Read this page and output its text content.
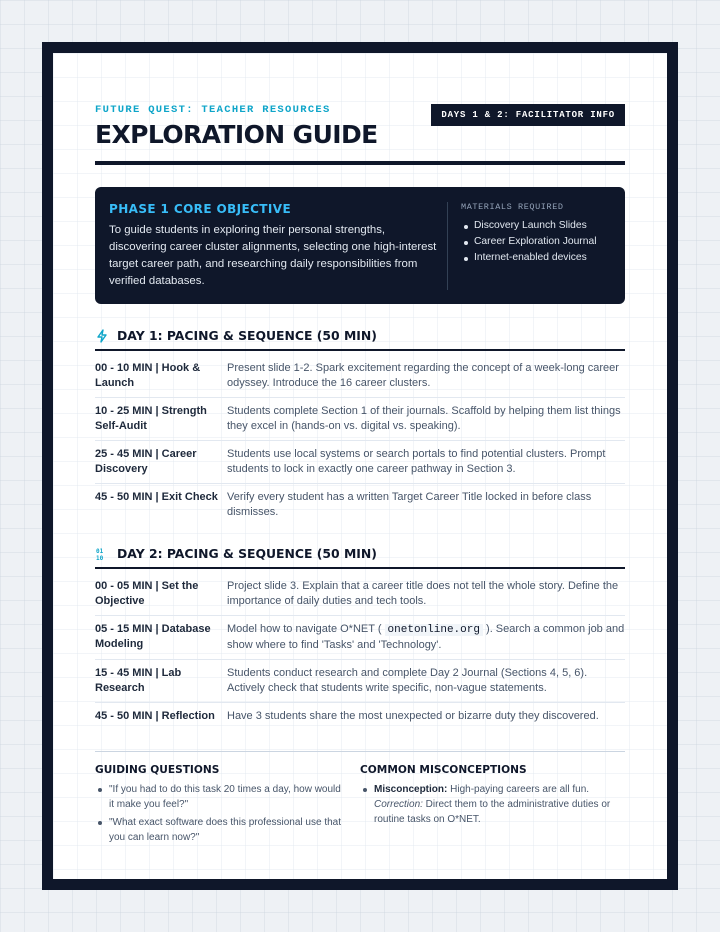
FUTURE QUEST: TEACHER RESOURCES
EXPLORATION GUIDE
DAYS 1 & 2: FACILITATOR INFO
PHASE 1 CORE OBJECTIVE
To guide students in exploring their personal strengths, discovering career cluster alignments, selecting one high-interest target career path, and researching daily responsibilities from verified databases.
MATERIALS REQUIRED
Discovery Launch Slides
Career Exploration Journal
Internet-enabled devices
DAY 1: PACING & SEQUENCE (50 MIN)
00 - 10 MIN | Hook & Launch
Present slide 1-2. Spark excitement regarding the concept of a week-long career odyssey. Introduce the 16 career clusters.
10 - 25 MIN | Strength Self-Audit
Students complete Section 1 of their journals. Scaffold by helping them list things they excel in (hands-on vs. digital vs. speaking).
25 - 45 MIN | Career Discovery
Students use local systems or search portals to find potential clusters. Prompt students to lock in exactly one career pathway in Section 3.
45 - 50 MIN | Exit Check Verify every student has a written Target Career Title locked in before class dismisses.
01
10 DAY 2: PACING & SEQUENCE (50 MIN)
00 - 05 MIN | Set the Objective
Project slide 3. Explain that a career title does not tell the whole story. Define the importance of daily duties and tech tools.
05 - 15 MIN | Database Modeling
Model how to navigate O*NET ( onetonline.org ). Search a common job and show where to find 'Tasks' and 'Technology'.
15 - 45 MIN | Lab Research
Students conduct research and complete Day 2 Journal (Sections 4, 5, 6). Actively check that students write specific, non-vague statements.
45 - 50 MIN | Reflection	Have 3 students share the most unexpected or bizarre duty they discovered.
GUIDING QUESTIONS
"If you had to do this task 20 times a day, how would it make you feel?"
"What exact software does this professional use that you can learn now?"
COMMON MISCONCEPTIONS
Misconception: High-paying careers are all fun.
Correction: Direct them to the administrative duties or routine tasks on O*NET.
